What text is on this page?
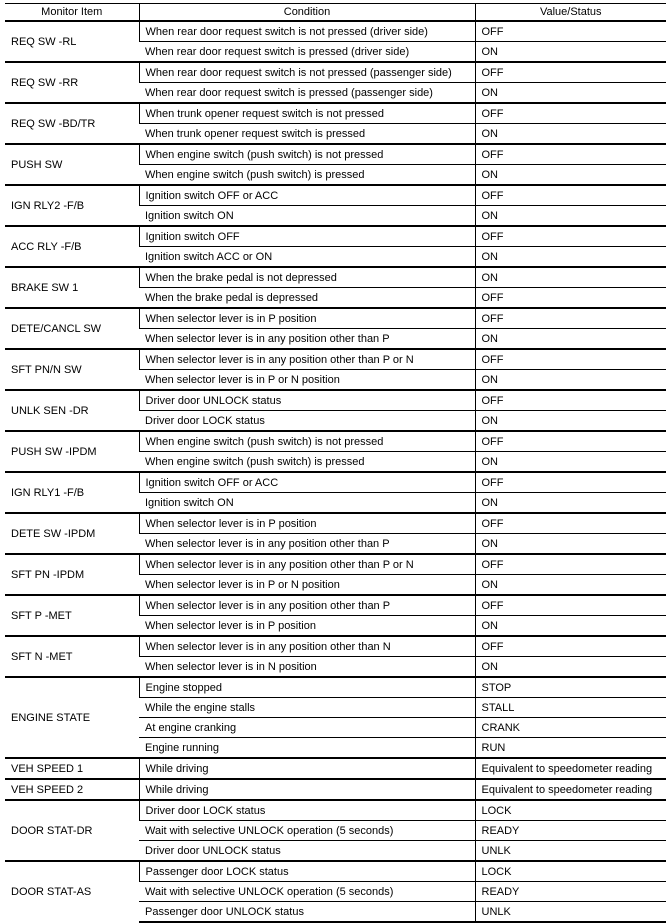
Monitor Item	Condition	Value/Status
REQ SW -RL	When rear door request switch is not pressed (driver side)	OFF
	When rear door request switch is pressed (driver side)	ON
REQ SW -RR	When rear door request switch is not pressed (passenger side)	OFF
	When rear door request switch is pressed (passenger side)	ON
REQ SW -BD/TR	When trunk opener request switch is not pressed	OFF
	When trunk opener request switch is pressed	ON
PUSH SW	When engine switch (push switch) is not pressed	OFF
	When engine switch (push switch) is pressed	ON
IGN RLY2 -F/B	Ignition switch OFF or ACC	OFF
	Ignition switch ON	ON
ACC RLY -F/B	Ignition switch OFF	OFF
	Ignition switch ACC or ON	ON
BRAKE SW 1	When the brake pedal is not depressed	ON
	When the brake pedal is depressed	OFF
DETE/CANCL SW	When selector lever is in P position	OFF
	When selector lever is in any position other than P	ON
SFT PN/N SW	When selector lever is in any position other than P or N	OFF
	When selector lever is in P or N position	ON
UNLK SEN -DR	Driver door UNLOCK status	OFF
	Driver door LOCK status	ON
PUSH SW -IPDM	When engine switch (push switch) is not pressed	OFF
	When engine switch (push switch) is pressed	ON
IGN RLY1 -F/B	Ignition switch OFF or ACC	OFF
	Ignition switch ON	ON
DETE SW -IPDM	When selector lever is in P position	OFF
	When selector lever is in any position other than P	ON
SFT PN -IPDM	When selector lever is in any position other than P or N	OFF
	When selector lever is in P or N position	ON
SFT P -MET	When selector lever is in any position other than P	OFF
	When selector lever is in P position	ON
SFT N -MET	When selector lever is in any position other than N	OFF
	When selector lever is in N position	ON
ENGINE STATE	Engine stopped	STOP
	While the engine stalls	STALL
	At engine cranking	CRANK
	Engine running	RUN
VEH SPEED 1	While driving	Equivalent to speedometer reading
VEH SPEED 2	While driving	Equivalent to speedometer reading
DOOR STAT-DR	Driver door LOCK status	LOCK
	Wait with selective UNLOCK operation (5 seconds)	READY
	Driver door UNLOCK status	UNLK
DOOR STAT-AS	Passenger door LOCK status	LOCK
	Wait with selective UNLOCK operation (5 seconds)	READY
	Passenger door UNLOCK status	UNLK
